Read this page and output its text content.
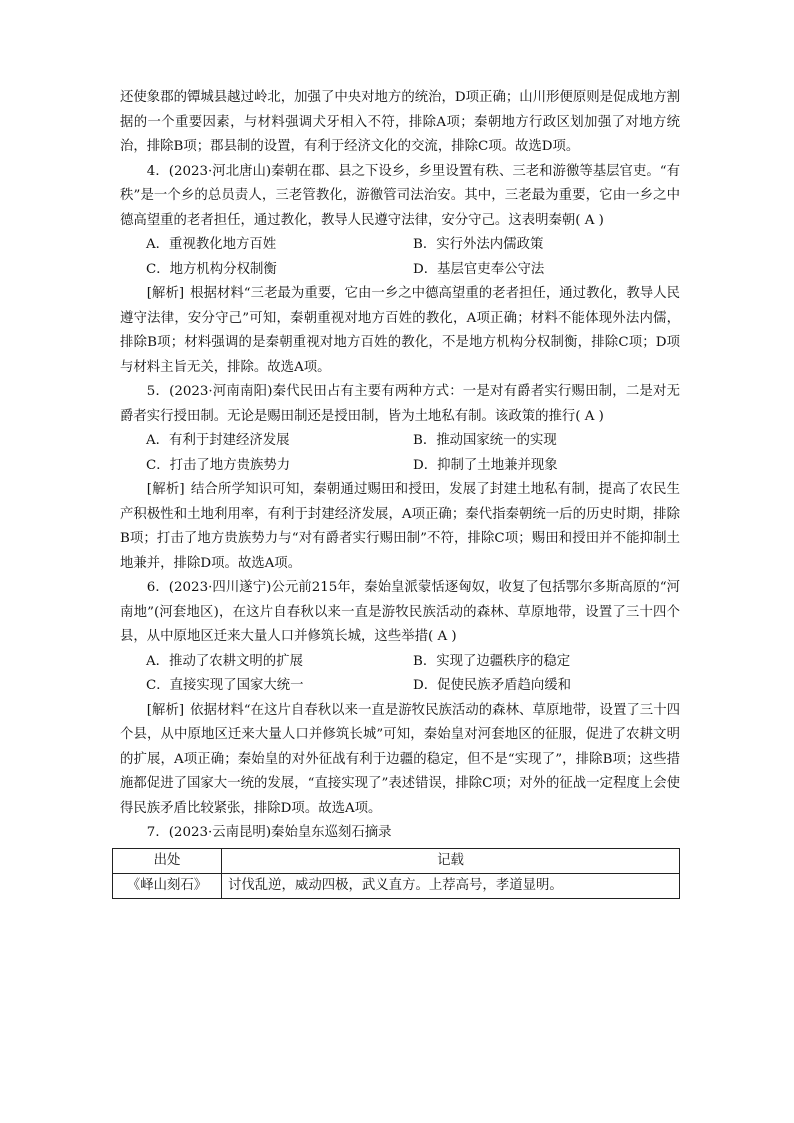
还使象郡的镡城县越过岭北，加强了中央对地方的统治，D项正确；山川形便原则是促成地方割据的一个重要因素，与材料强调犬牙相入不符，排除A项；秦朝地方行政区划加强了对地方统治，排除B项；郡县制的设置，有利于经济文化的交流，排除C项。故选D项。

4．(2023·河北唐山)秦朝在郡、县之下设乡，乡里设置有秩、三老和游徼等基层官吏。“有秩”是一个乡的总员责人，三老管教化，游徼管司法治安。其中，三老最为重要，它由一乡之中德高望重的老者担任，通过教化，教导人民遵守法律，安分守己。这表明秦朝( A )

A．重视教化地方百姓	B．实行外法内儒政策
C．地方机构分权制衡	D．基层官吏奉公守法

[解析] 根据材料“三老最为重要，它由一乡之中德高望重的老者担任，通过教化，教导人民遵守法律，安分守己”可知，秦朝重视对地方百姓的教化，A项正确；材料不能体现外法内儒，排除B项；材料强调的是秦朝重视对地方百姓的教化，不是地方机构分权制衡，排除C项；D项与材料主旨无关，排除。故选A项。

5．(2023·河南南阳)秦代民田占有主要有两种方式：一是对有爵者实行赐田制，二是对无爵者实行授田制。无论是赐田制还是授田制，皆为土地私有制。该政策的推行( A )

A．有利于封建经济发展	B．推动国家统一的实现
C．打击了地方贵族势力	D．抑制了土地兼并现象

[解析] 结合所学知识可知，秦朝通过赐田和授田，发展了封建土地私有制，提高了农民生产积极性和土地利用率，有利于封建经济发展，A项正确；秦代指秦朝统一后的历史时期，排除B项；打击了地方贵族势力与“对有爵者实行赐田制”不符，排除C项；赐田和授田并不能抑制土地兼并，排除D项。故选A项。

6．(2023·四川遂宁)公元前215年，秦始皇派蒙恬逐匈奴，收复了包括鄂尔多斯高原的“河南地”(河套地区)，在这片自春秋以来一直是游牧民族活动的森林、草原地带，设置了三十四个县，从中原地区迁来大量人口并修筑长城，这些举措( A )

A．推动了农耕文明的扩展	B．实现了边疆秩序的稳定
C．直接实现了国家大统一	D．促使民族矛盾趋向缓和

[解析] 依据材料“在这片自春秋以来一直是游牧民族活动的森林、草原地带，设置了三十四个县，从中原地区迁来大量人口并修筑长城”可知，秦始皇对河套地区的征服，促进了农耕文明的扩展，A项正确；秦始皇的对外征战有利于边疆的稳定，但不是“实现了”，排除B项；这些措施都促进了国家大一统的发展，“直接实现了”表述错误，排除C项；对外的征战一定程度上会使得民族矛盾比较紧张，排除D项。故选A项。

7．(2023·云南昆明)秦始皇东巡刻石摘录

出处	记载
《峄山刻石》	讨伐乱逆，威动四极，武义直方。上荐高号，孝道显明。
